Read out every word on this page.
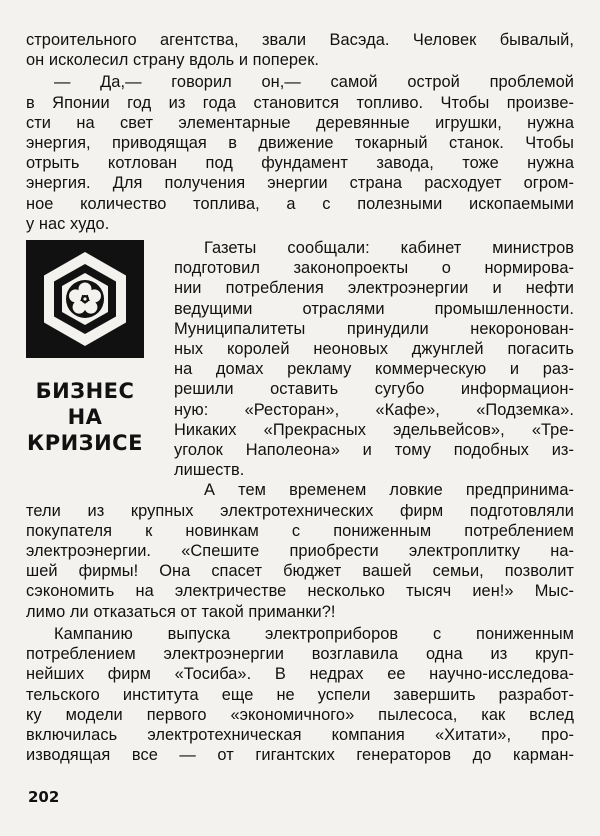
строительного агентства, звали Васэда. Человек бывалый,
он исколесил страну вдоль и поперек.

— Да,— говорил он,— самой острой проблемой
в Японии год из года становится топливо. Чтобы произве-
сти на свет элементарные деревянные игрушки, нужна
энергия, приводящая в движение токарный станок. Чтобы
отрыть котлован под фундамент завода, тоже нужна
энергия. Для получения энергии страна расходует огром-
ное количество топлива, а с полезными ископаемыми
у нас худо.

БИЗНЕС
НА
КРИЗИСЕ

Газеты сообщали: кабинет министров
подготовил законопроекты о нормирова-
нии потребления электроэнергии и нефти
ведущими отраслями промышленности.
Муниципалитеты принудили некоронован-
ных королей неоновых джунглей погасить
на домах рекламу коммерческую и раз-
решили оставить сугубо информацион-
ную: «Ресторан», «Кафе», «Подземка».
Никаких «Прекрасных эдельвейсов», «Тре-
уголок Наполеона» и тому подобных из-
лишеств.

А тем временем ловкие предпринима-

тели из крупных электротехнических фирм подготовляли
покупателя к новинкам с пониженным потреблением
электроэнергии. «Спешите приобрести электроплитку на-
шей фирмы! Она спасет бюджет вашей семьи, позволит
сэкономить на электричестве несколько тысяч иен!» Мыс-
лимо ли отказаться от такой приманки?!

Кампанию выпуска электроприборов с пониженным
потреблением электроэнергии возглавила одна из круп-
нейших фирм «Тосиба». В недрах ее научно-исследова-
тельского института еще не успели завершить разработ-
ку модели первого «экономичного» пылесоса, как вслед
включилась электротехническая компания «Хитати», про-
изводящая все — от гигантских генераторов до карман-

202
